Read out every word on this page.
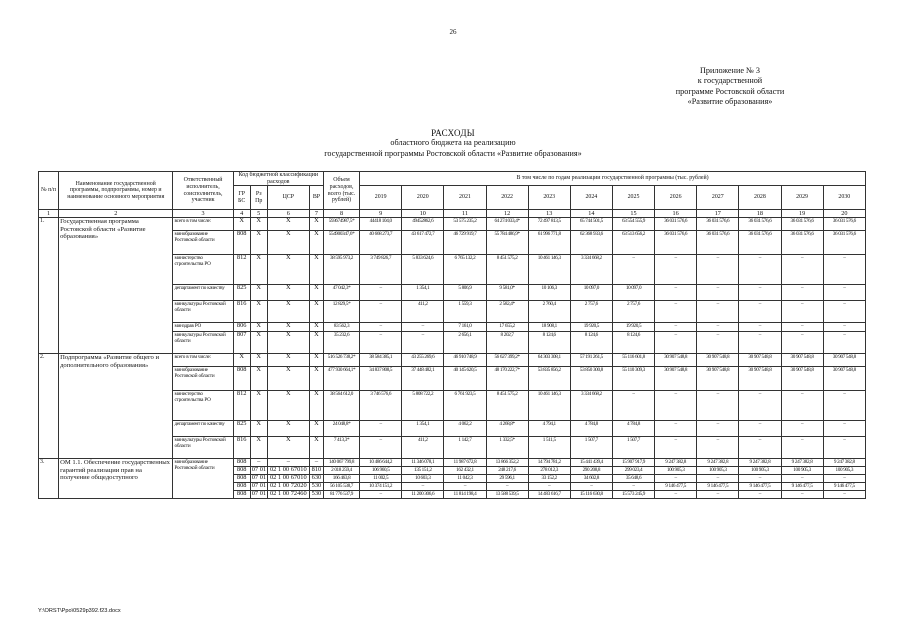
26
Приложение № 3
к государственной
программе Ростовской области
«Развитие образования»
РАСХОДЫ
областного бюджета на реализацию
государственной программы Ростовской области «Развитие образования»
№ п/п	Наименование государственной программы, подпрограммы, номер и наименование основного мероприятия	Ответственный исполнитель, соисполнитель, участник	Код бюджетной классификации расходов				Объем расходов, всего (тыс. рублей)	В том числе по годам реализации государственной программы (тыс. рублей)											
			ГР БС	Рз Пр	ЦСР	ВР		2019	2020	2021	2022	2023	2024	2025	2026	2027	2028	2029	2030

1	2	3	4	5	6	7	8	9	10	11	12	13	14	15	16	17	18	19	20
1.	Государственная программа Ростовской области «Развитие образования»	всего в том числе:	X	X	X	X	593674987,5*	44418 104,0	49452862,6	53 575 235,2	64 274 033,4*	72 497 813,5	65 744 501,5	63 554 555,9	36 031 576,6	36 031 576,6	36 031 576,6	36 031 576,6	36 031 576,6
		минобразование Ростовской области	808	X	X	X	554900347,6*	40 668 273,7	43 617 472,7	46 729 919,7	55 784 486,9*	61 996 771,8	62 368 933,6	63 513 656,2	36 031 576,6	36 031 576,6	36 031 576,6	36 031 576,6	36 031 576,6
		министерство строительства РО	812	X	X	X	38 595 973,2	3 749 826,7	5 833 624,6	6 765 132,2	8 451 575,2	10 461 146,3	3 334 668,2	–	–	–	–	–	–
		департамент по качеству	825	X	X	X	47 042,3*	–	1 354,1	5 806,9	9 581,0*	10 106,3	10 097,0	10 097,0	–	–	–	–	–
		минкультуры Ростовской области	816	X	X	X	12 829,5*	–	411,2	1 559,3	2 582,4*	2 760,4	2 757,6	2 757,6	–	–	–	–	–
		минздрав РО	806	X	X	X	83 562,3	–	–	7 161,0	17 655,2	18 908,1	19 920,5	19 920,5	–	–	–	–	–
		минкультуры Ростовской области	807	X	X	X	35 232,6	–	–	2 656,1	8 202,7	8 124,6	8 124,6	8 124,6	–	–	–	–	–
2.	Подпрограмма «Развитие общего и дополнительного образования»	всего в том числе:	X	X	X	X	516 526 738,2*	38 584 385,1	43 255 269,6	46 910 748,9	56 627 399,2*	64 303 308,1	57 191 261,5	55 116 601,8	30 907 548,8	30 907 548,8	30 907 548,8	30 907 548,8	30 907 548,8
		минобразование Ростовской области	808	X	X	X	477 930 664,1*	34 837 808,5	37 448 482,1	40 145 620,5	48 170 222,7*	53 835 856,2	53 850 300,8	55 110 309,3	30 907 548,8	30 907 548,8	30 907 548,8	30 907 548,8	30 907 548,8
		министерство строительства РО	812	X	X	X	38 564 612,0	3 746 576,6	5 808 722,2	6 761 923,5	8 451 575,2	10 461 146,3	3 334 668,2	–	–	–	–	–	–
		департамент по качеству	825	X	X	X	24 048,8*	–	1 354,1	4 062,2	4 268,8*	4 794,1	4 784,8	4 784,8	–	–	–	–	–
		минкультуры Ростовской области	816	X	X	X	7 413,3*	–	411,2	1 142,7	1 332,5*	1 511,5	1 507,7	1 507,7	–	–	–	–	–
3.	ОМ 1.1. Обеспечение государственных гарантий реализации прав на получение общедоступного	минобразование Ростовской области	808	–	–	–	140 067 799,8	10 486 644,2	11 346 078,1	11 987 672,8	13 866 352,2	14 794 781,2	15 441 439,4	15 907 917,9	9 247 382,8	9 247 382,8	9 247 382,8	9 247 382,8	9 247 382,8
			808	07 01	02 1 00 67010	810	2 018 259,4	106 960,5	135 151,2	162 432,1	248 217,6	278 012,3	290 208,8	299 023,4	100 905,3	100 905,3	100 905,3	100 905,3	100 905,3
			808	07 01	02 1 00 67010	630	166 463,8	11 002,5	10 603,3	11 042,3	29 596,1	33 152,2	34 602,8	35 648,6	–	–	–	–	–
			808	07 01	02 1 00 72020	530	56 105 538,7	10 374 151,2	–	–	–	–	–	–	9 146 477,5	9 146 477,5	9 146 477,5	9 146 477,5	9 146 477,5
			808	07 01	02 1 00 72460	530	81 776 537,9	–	11 200 306,6	11 814 198,4	13 588 539,5	14 483 616,7	15 116 630,8	15 573 245,9	–	–	–	–	–
Y:\ORST\Ppo\0529p392.f23.docx
